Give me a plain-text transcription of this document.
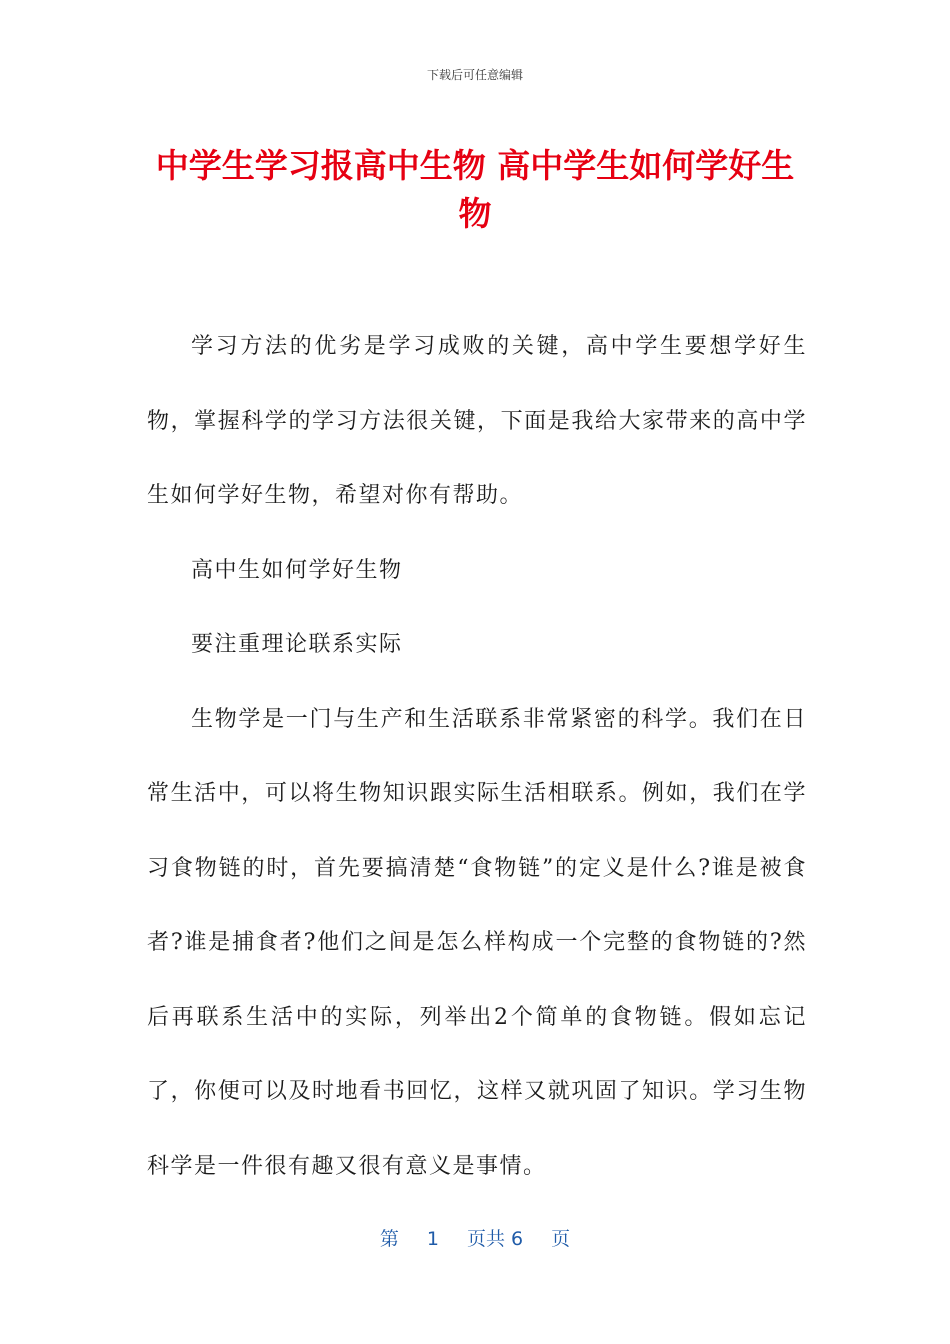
下载后可任意编辑
中学生学习报高中生物 高中学生如何学好生物

学习方法的优劣是学习成败的关键，高中学生要想学好生物，掌握科学的学习方法很关键，下面是我给大家带来的高中学生如何学好生物，希望对你有帮助。

高中生如何学好生物

要注重理论联系实际

生物学是一门与生产和生活联系非常紧密的科学。我们在日常生活中，可以将生物知识跟实际生活相联系。例如，我们在学习食物链的时，首先要搞清楚“食物链”的定义是什么?谁是被食者?谁是捕食者?他们之间是怎么样构成一个完整的食物链的?然后再联系生活中的实际，列举出2个简单的食物链。假如忘记了，你便可以及时地看书回忆，这样又就巩固了知识。学习生物科学是一件很有趣又很有意义是事情。

第 1 页共 6 页
